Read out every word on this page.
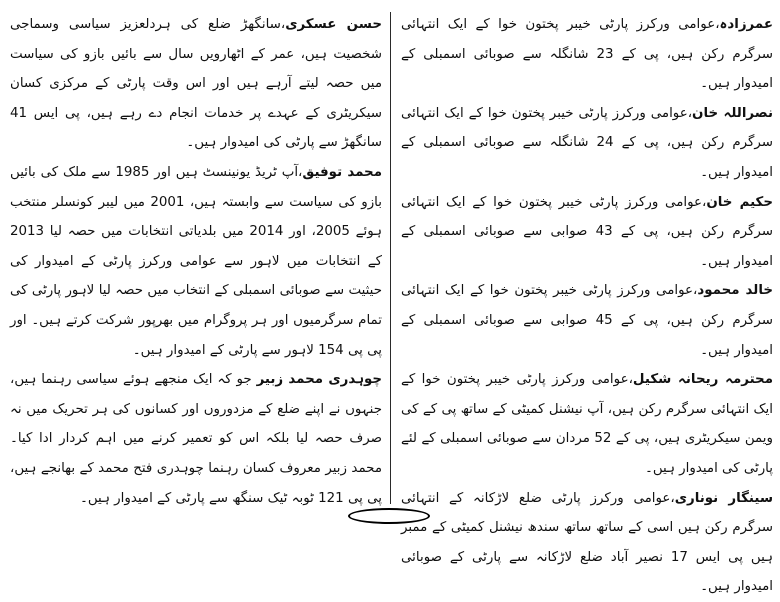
عمرزادہ،عوامی ورکرز پارٹی خیبر پختون خوا کے ایک انتہائی سرگرم رکن ہیں، پی کے 23 شانگلہ سے صوبائی اسمبلی کے امیدوار ہیں۔

نصراللہ خان،عوامی ورکرز پارٹی خیبر پختون خوا کے ایک انتہائی سرگرم رکن ہیں، پی کے 24 شانگلہ سے صوبائی اسمبلی کے امیدوار ہیں۔

حکیم خان،عوامی ورکرز پارٹی خیبر پختون خوا کے ایک انتہائی سرگرم رکن ہیں، پی کے 43 صوابی سے صوبائی اسمبلی کے امیدوار ہیں۔

خالد محمود،عوامی ورکرز پارٹی خیبر پختون خوا کے ایک انتہائی سرگرم رکن ہیں، پی کے 45 صوابی سے صوبائی اسمبلی کے امیدوار ہیں۔

محترمہ ریحانہ شکیل،عوامی ورکرز پارٹی خیبر پختون خوا کے ایک انتہائی سرگرم رکن ہیں، آپ نیشنل کمیٹی کے ساتھ پی کے کی ویمن سیکریٹری ہیں، پی کے 52 مردان سے صوبائی اسمبلی کے لئے پارٹی کی امیدوار ہیں۔

سینگار نوناری،عوامی ورکرز پارٹی ضلع لاڑکانہ کے انتہائی سرگرم رکن ہیں اسی کے ساتھ ساتھ سندھ نیشنل کمیٹی کے ممبر ہیں پی ایس 17 نصیر آباد ضلع لاڑکانہ سے پارٹی کے صوبائی امیدوار ہیں۔

حسن عسکری،سانگھڑ ضلع کی ہردلعزیز سیاسی وسماجی شخصیت ہیں، عمر کے اٹھارویں سال سے بائیں بازو کی سیاست میں حصہ لیتے آرہے ہیں اور اس وقت پارٹی کے مرکزی کسان سیکریٹری کے عہدے پر خدمات انجام دے رہے ہیں، پی ایس 41 سانگھڑ سے پارٹی کی امیدوار ہیں۔

محمد توفیق،آپ ٹریڈ یونینسٹ ہیں اور 1985 سے ملک کی بائیں بازو کی سیاست سے وابستہ ہیں، 2001 میں لیبر کونسلر منتخب ہوئے 2005، اور 2014 میں بلدیاتی انتخابات میں حصہ لیا 2013 کے انتخابات میں لاہور سے عوامی ورکرز پارٹی کے امیدوار کی حیثیت سے صوبائی اسمبلی کے انتخاب میں حصہ لیا لاہور پارٹی کی تمام سرگرمیوں اور ہر پروگرام میں بھرپور شرکت کرتے ہیں۔ اور پی پی 154 لاہور سے پارٹی کے امیدوار ہیں۔

چوہدری محمد زبیر جو کہ ایک منجھے ہوئے سیاسی رہنما ہیں، جنہوں نے اپنے ضلع کے مزدوروں اور کسانوں کی ہر تحریک میں نہ صرف حصہ لیا بلکہ اس کو تعمیر کرنے میں اہم کردار ادا کیا۔ محمد زبیر معروف کسان رہنما چوہدری فتح محمد کے بھانجے ہیں، پی پی 121 ٹوبہ ٹیک سنگھ سے پارٹی کے امیدوار ہیں۔
